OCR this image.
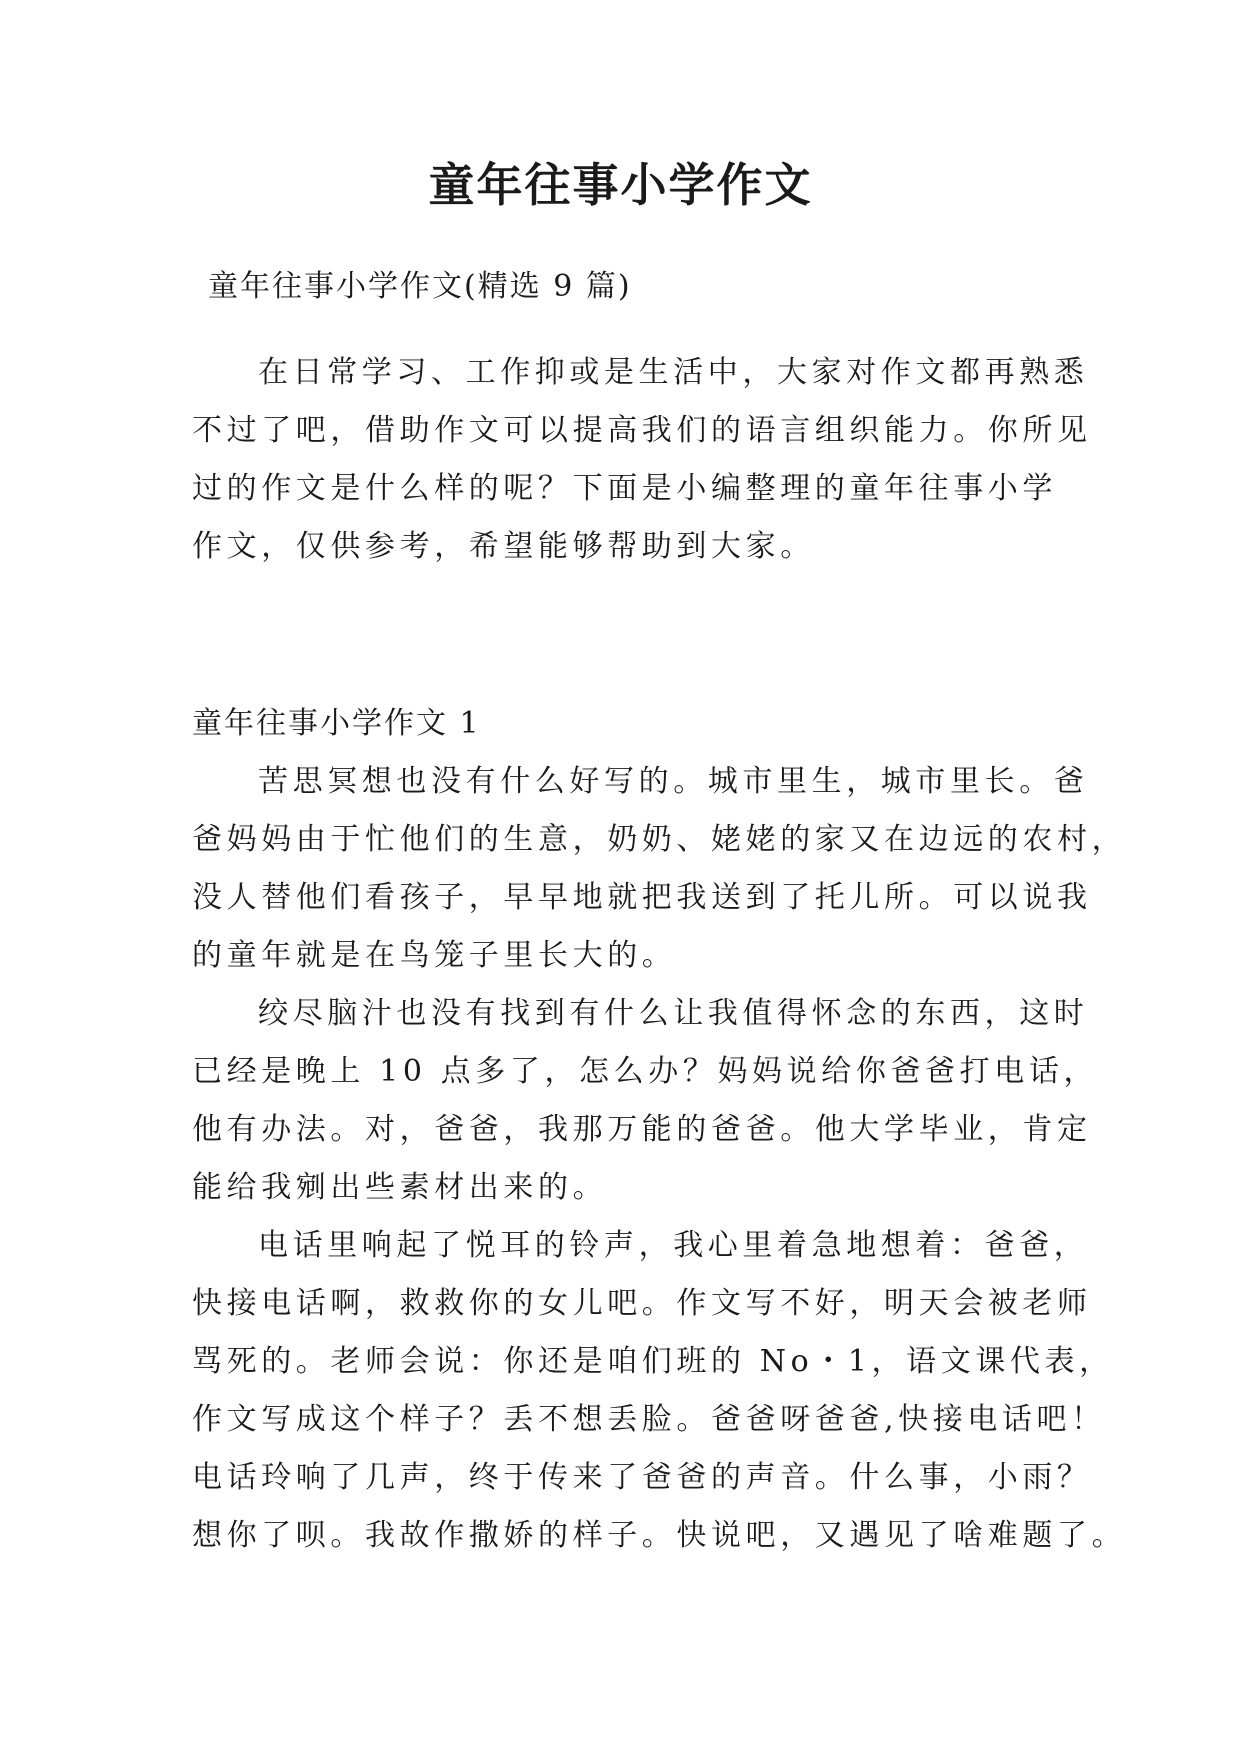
童年往事小学作文
童年往事小学作文(精选 9 篇)
在日常学习、工作抑或是生活中，大家对作文都再熟悉
不过了吧，借助作文可以提高我们的语言组织能力。你所见
过的作文是什么样的呢？下面是小编整理的童年往事小学
作文，仅供参考，希望能够帮助到大家。
童年往事小学作文 1
苦思冥想也没有什么好写的。城市里生，城市里长。爸
爸妈妈由于忙他们的生意，奶奶、姥姥的家又在边远的农村，
没人替他们看孩子，早早地就把我送到了托儿所。可以说我
的童年就是在鸟笼子里长大的。
绞尽脑汁也没有找到有什么让我值得怀念的东西，这时
已经是晚上 10 点多了，怎么办？妈妈说给你爸爸打电话，
他有办法。对，爸爸，我那万能的爸爸。他大学毕业，肯定
能给我剜出些素材出来的。
电话里响起了悦耳的铃声，我心里着急地想着：爸爸，
快接电话啊，救救你的女儿吧。作文写不好，明天会被老师
骂死的。老师会说：你还是咱们班的 No・1，语文课代表，
作文写成这个样子？丢不想丢脸。爸爸呀爸爸,快接电话吧！
电话玲响了几声，终于传来了爸爸的声音。什么事，小雨？
想你了呗。我故作撒娇的样子。快说吧，又遇见了啥难题了。
